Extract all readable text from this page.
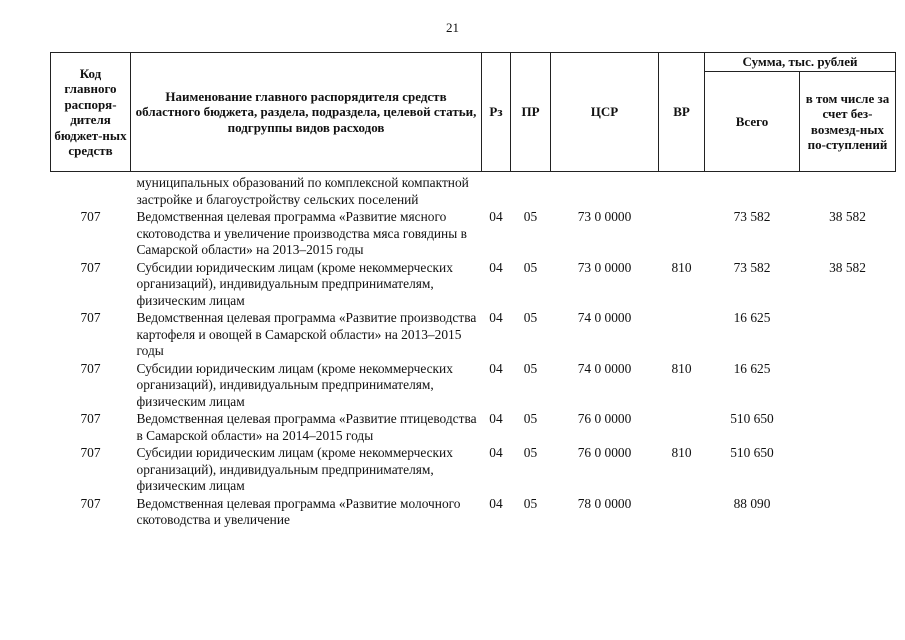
21
Код главного распоря-дителя бюджет-ных средств	Наименование главного распорядителя средств областного бюджета, раздела, подраздела, целевой статьи, подгруппы видов расходов	Рз	ПР	ЦСР	ВР	Сумма, тыс. рублей	
						Всего	в том числе за счет без-возмезд-ных по-ступлений
	муниципальных образований по комплексной компактной застройке и благоустройству сельских поселений						
707	Ведомственная целевая программа «Развитие мясного скотоводства и увеличение производства мяса говядины в Самарской области» на 2013–2015 годы	04	05	73 0 0000		73 582	38 582
707	Субсидии юридическим лицам (кроме некоммерческих организаций), индивидуальным предпринимателям, физическим лицам	04	05	73 0 0000	810	73 582	38 582
707	Ведомственная целевая программа «Развитие производства картофеля и овощей в Самарской области» на 2013–2015 годы	04	05	74 0 0000		16 625	
707	Субсидии юридическим лицам (кроме некоммерческих организаций), индивидуальным предпринимателям, физическим лицам	04	05	74 0 0000	810	16 625	
707	Ведомственная целевая программа «Развитие птицеводства в Самарской области» на 2014–2015 годы	04	05	76 0 0000		510 650	
707	Субсидии юридическим лицам (кроме некоммерческих организаций), индивидуальным предпринимателям, физическим лицам	04	05	76 0 0000	810	510 650	
707	Ведомственная целевая программа «Развитие молочного скотоводства и увеличение	04	05	78 0 0000		88 090	
